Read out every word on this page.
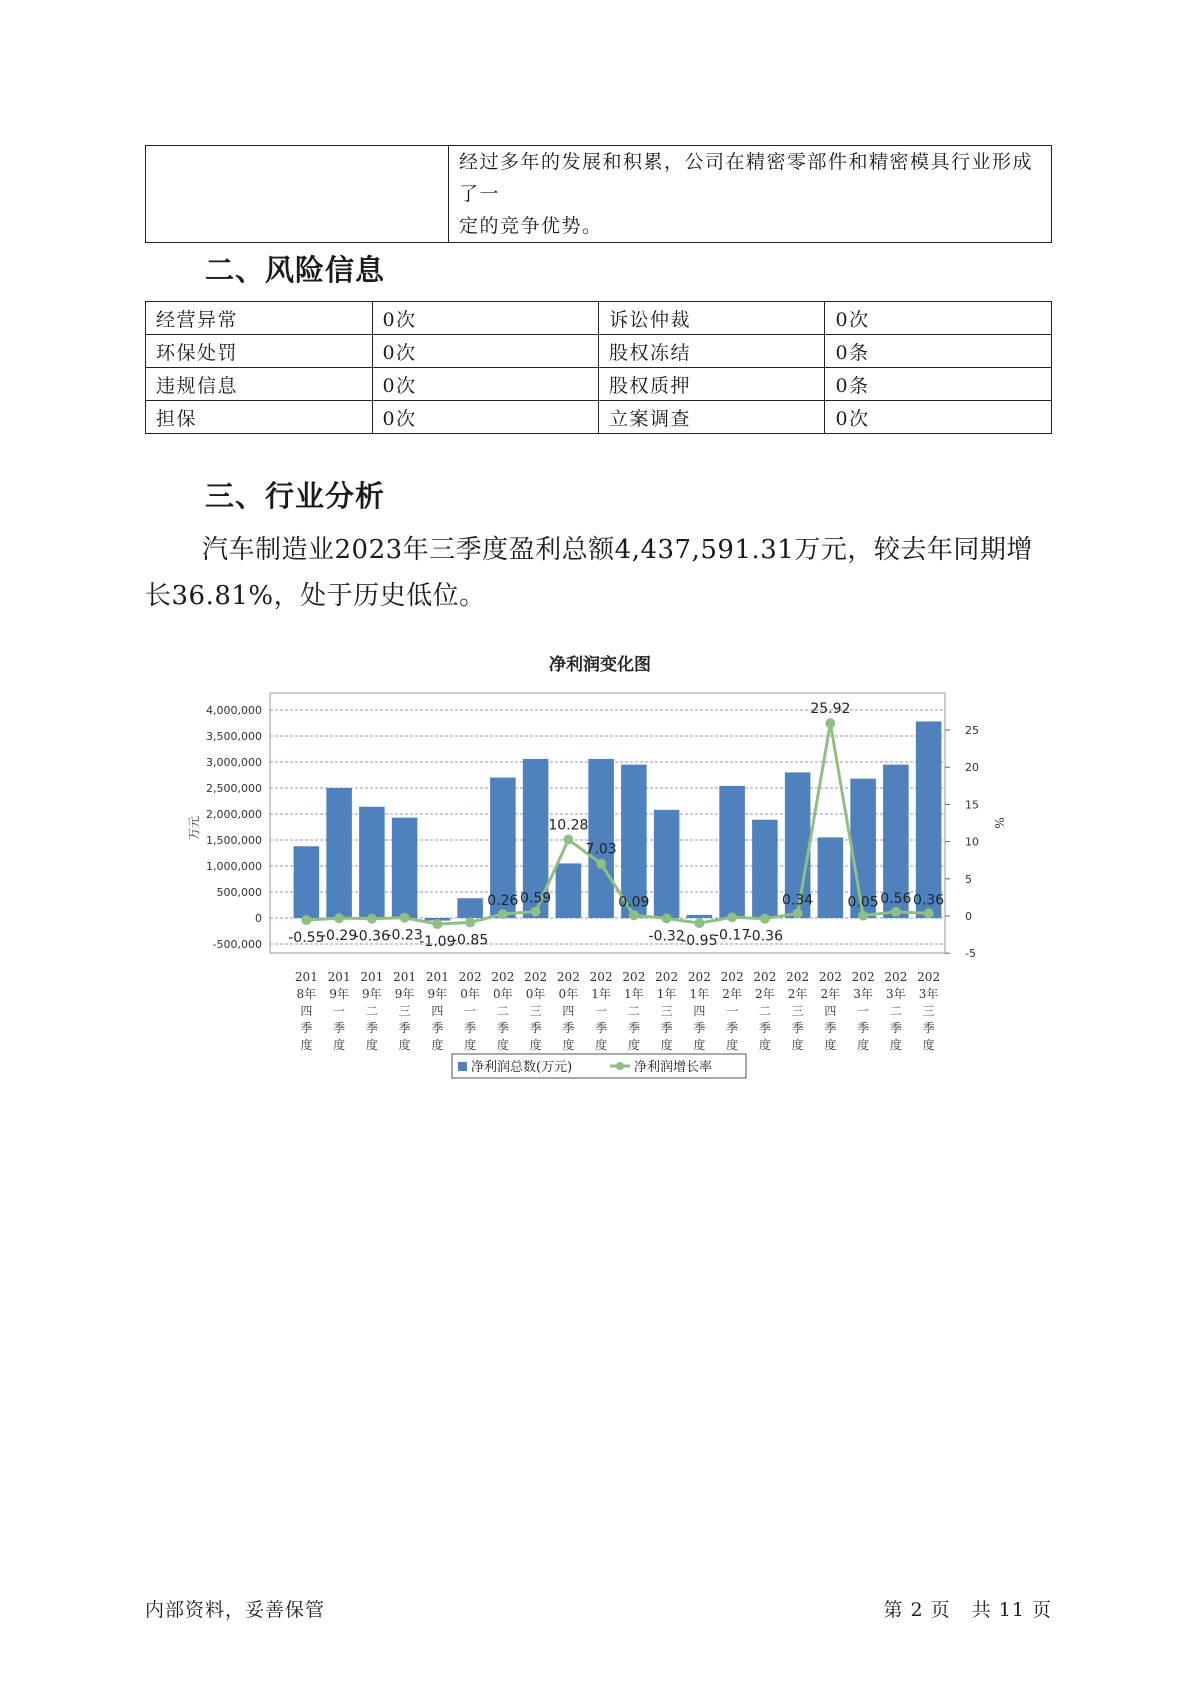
经过多年的发展和积累，公司在精密零部件和精密模具行业形成了一
定的竞争优势。
二、风险信息
经营异常	0次	诉讼仲裁	0次
环保处罚	0次	股权冻结	0条
违规信息	0次	股权质押	0条
担保	0次	立案调查	0次
三、行业分析
汽车制造业2023年三季度盈利总额4,437,591.31万元，较去年同期增
长36.81%，处于历史低位。
净利润变化图
4,000,000
3,500,000
3,000,000
2,500,000
2,000,000
1,500,000
1,000,000
500,000
0
-500,000
25
20
15
10
5
0
-5
万元	%
-0.55
-0.29
-0.36
-0.23
-1.09
-0.85
0.26 0.59
10.28
7.03
0.09
-0.32
-0.95
-0.17
-0.36
0.34
25.92
0.05 0.56 0.36
201
8年
四
季
度
201
9年
一
季
度
201
9年
二
季
度
201
9年
三
季
度
201
9年
四
季
度
202
0年
一
季
度
202
0年
二
季
度
202
0年
三
季
度
202
0年
四
季
度
202
1年
一
季
度
202
1年
二
季
度
202
1年
三
季
度
202
1年
四
季
度
202
2年
一
季
度
202
2年
二
季
度
202
2年
三
季
度
202
2年
四
季
度
202
3年
一
季
度
202
3年
二
季
度
202
3年
三
季
度
净利润总数(万元)	净利润增长率
内部资料，妥善保管	第 2 页   共 11 页
